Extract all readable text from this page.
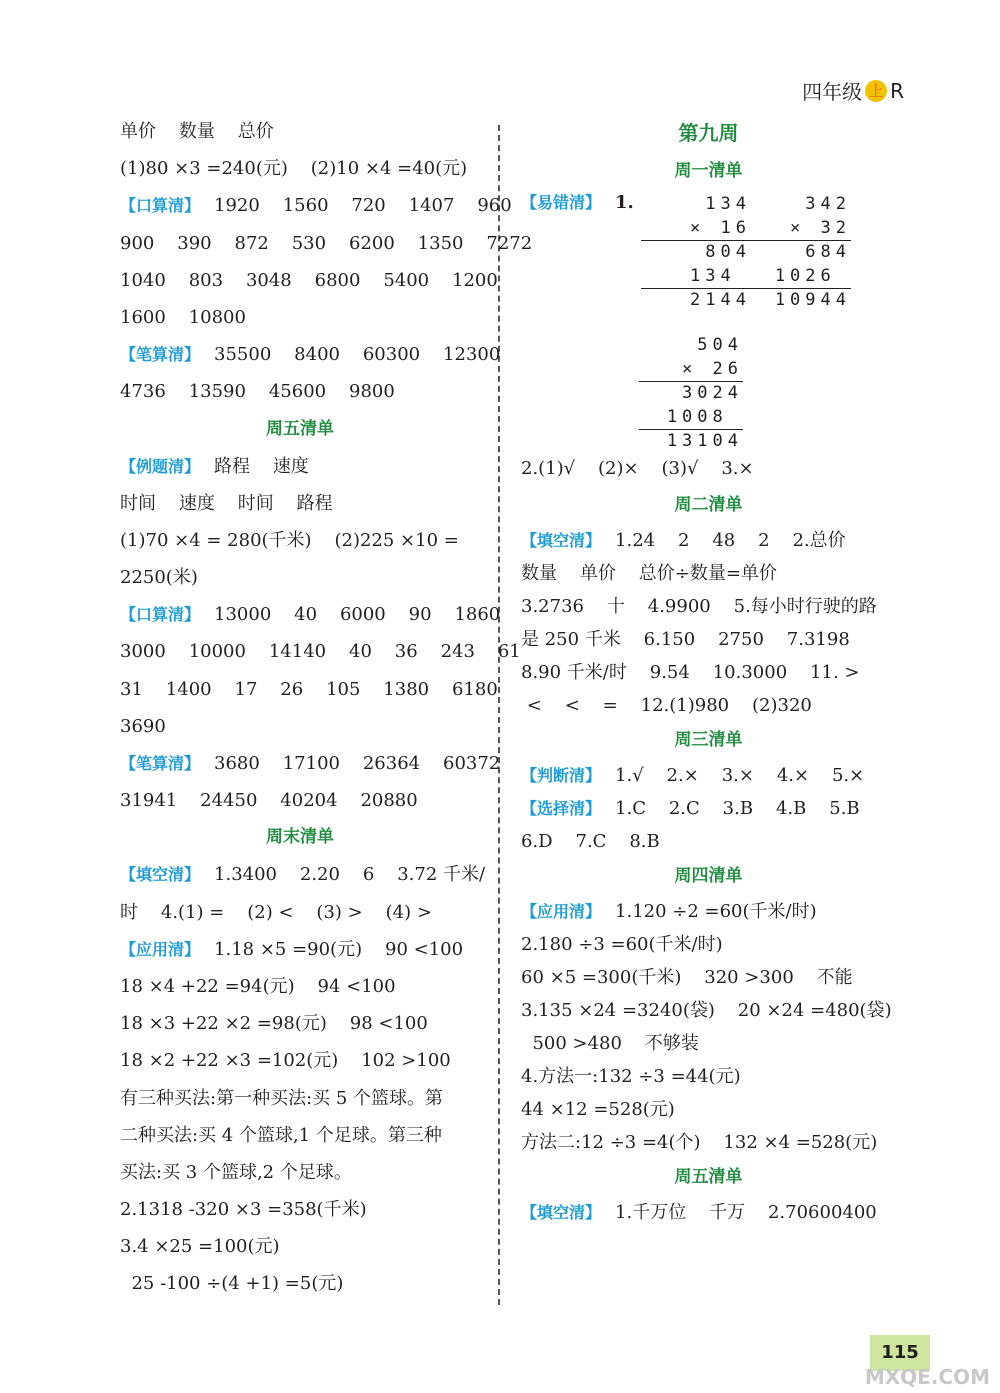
四年级 上 R
单价    数量    总价
(1)80 ×3 =240(元)    (2)10 ×4 =40(元)
【口算清】 1920    1560    720    1407    960
900    390    872    530    6200    1350    7272
1040    803    3048    6800    5400    1200
1600    10800
【笔算清】 35500    8400    60300    12300
4736    13590    45600    9800
周五清单
【例题清】 路程    速度
时间    速度    时间    路程
(1)70 ×4 = 280(千米)    (2)225 ×10 =
2250(米)
【口算清】 13000    40    6000    90    1860
3000    10000    14140    40    36    243    61
31    1400    17    26    105    1380    6180
3690
【笔算清】 3680    17100    26364    60372
31941    24450    40204    20880
周末清单
【填空清】 1.3400    2.20    6    3.72 千米/
时    4.(1) =    (2) <    (3) >    (4) >
【应用清】 1.18 ×5 =90(元)    90 <100
18 ×4 +22 =94(元)    94 <100
18 ×3 +22 ×2 =98(元)    98 <100
18 ×2 +22 ×3 =102(元)    102 >100
有三种买法:第一种买法:买 5 个篮球。第
二种买法:买 4 个篮球,1 个足球。第三种
买法:买 3 个篮球,2 个足球。
2.1318 -320 ×3 =358(千米)
3.4 ×25 =100(元)
25 -100 ÷(4 +1) =5(元)
第九周
周一清单
【易错清】 1.	134
× 16
804
134
2144
342
× 32
684
1026
10944
504
× 26
3024
1008
13104
2.(1)√    (2)×    (3)√    3.×
周二清单
【填空清】 1.24    2    48    2    2.总价
数量    单价    总价÷数量=单价
3.2736    十    4.9900    5.每小时行驶的路
是 250 千米    6.150    2750    7.3198
8.90 千米/时    9.54    10.3000    11. >
<    <    =    12.(1)980    (2)320
周三清单
【判断清】 1.√    2.×    3.×    4.×    5.×
【选择清】 1.C    2.C    3.B    4.B    5.B
6.D    7.C    8.B
周四清单
【应用清】 1.120 ÷2 =60(千米/时)
2.180 ÷3 =60(千米/时)
60 ×5 =300(千米)    320 >300    不能
3.135 ×24 =3240(袋)    20 ×24 =480(袋)
500 >480    不够装
4.方法一:132 ÷3 =44(元)
44 ×12 =528(元)
方法二:12 ÷3 =4(个)    132 ×4 =528(元)
周五清单
【填空清】 1.千万位    千万    2.70600400
115
MXQE.COM
